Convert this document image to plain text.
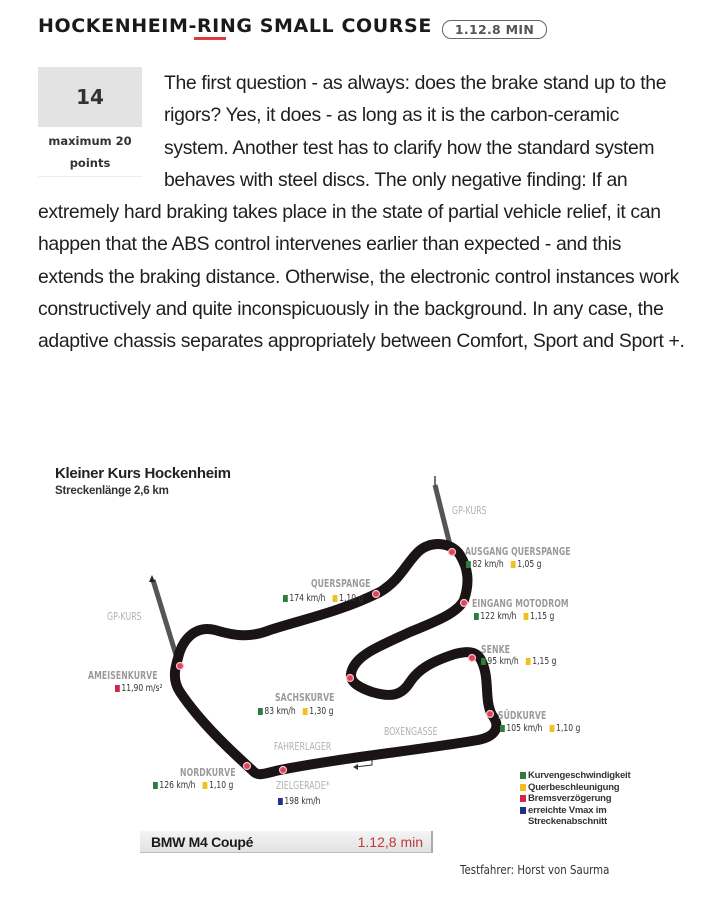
HOCKENHEIM-RING SMALL COURSE	1.12.8 MIN
The first question - as always: does the brake stand up to the rigors? Yes, it does - as long as it is the carbon-ceramic system. Another test has to clarify how the standard system behaves with steel discs. The only negative finding: If an extremely hard braking takes place in the state of partial vehicle relief, it can happen that the ABS control intervenes earlier than expected - and this extends the braking distance. Otherwise, the electronic control instances work constructively and quite inconspicuously in the background. In any case, the adaptive chassis separates appropriately between Comfort, Sport and Sport +.
14
maximum 20 points
Kleiner Kurs Hockenheim
Streckenlänge 2,6 km
GP-KURS
GP-KURS
BOXENGASSE
FAHRERLAGER
AUSGANG QUERSPANGE
82 km/h 1,05 g
EINGANG MOTODROM
122 km/h 1,15 g
QUERSPANGE
174 km/h 1,10 g
SENKE
95 km/h 1,15 g
AMEISENKURVE
11,90 m/s²
SACHSKURVE
83 km/h 1,30 g	SÜDKURVE
105 km/h 1,10 g
NORDKURVE
126 km/h 1,10 g	ZIELGERADE*
198 km/h
Kurvengeschwindigkeit
Querbeschleunigung
Bremsverzögerung
erreichte Vmax im
Streckenabschnitt
BMW M4 Coupé	1.12,8 min
Testfahrer: Horst von Saurma
